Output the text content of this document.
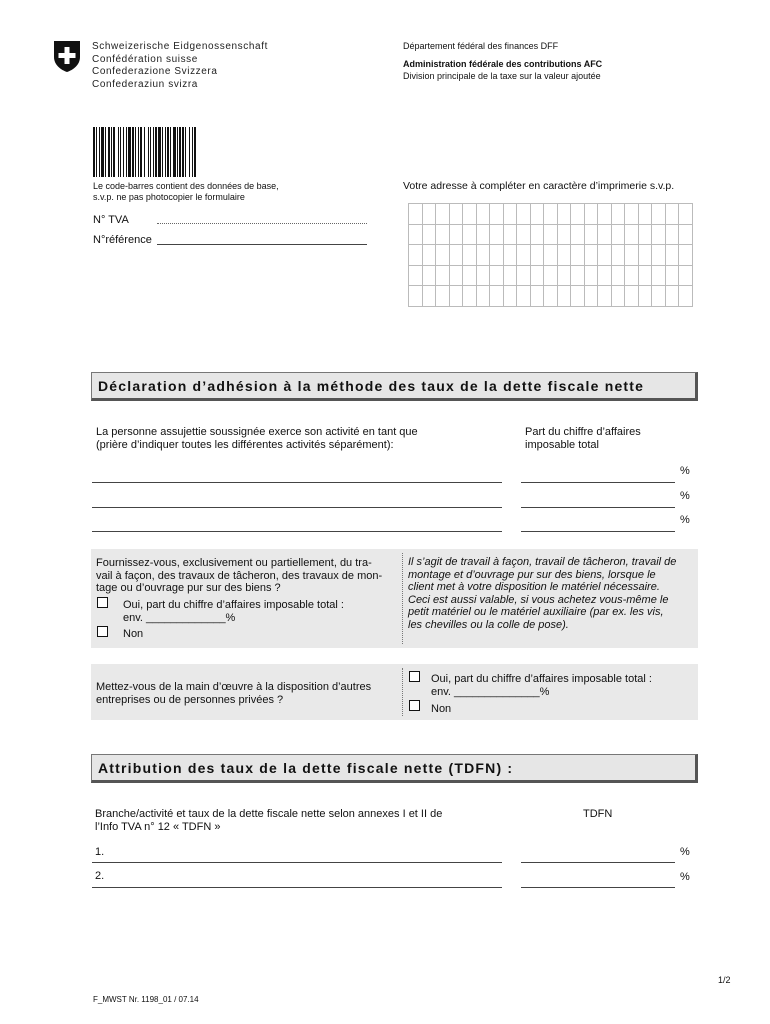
Schweizerische Eidgenossenschaft
Confédération suisse
Confederazione Svizzera
Confederaziun svizra
Département fédéral des finances DFF
Administration fédérale des contributions AFC
Division principale de la taxe sur la valeur ajoutée
Le code-barres contient des données de base,
s.v.p. ne pas photocopier le formulaire
Votre adresse à compléter en caractère d’imprimerie s.v.p.

N° TVA
N°référence
Déclaration d’adhésion à la méthode des taux de la dette fiscale nette
La personne assujettie soussignée exerce son activité en tant que
(prière d’indiquer toutes les différentes activités séparément):
Part du chiffre d’affaires
imposable total
%
%
%
Fournissez-vous, exclusivement ou partiellement, du tra-
vail à façon, des travaux de tâcheron, des travaux de mon-
tage ou d’ouvrage pur sur des biens ?
Oui, part du chiffre d’affaires imposable total :
env. _____________%
Non
Il s’agit de travail à façon, travail de tâcheron, travail de
montage et d’ouvrage pur sur des biens, lorsque le
client met à votre disposition le matériel nécessaire.
Ceci est aussi valable, si vous achetez vous-même le
petit matériel ou le matériel auxiliaire (par ex. les vis,
les chevilles ou la colle de pose).
Mettez-vous de la main d’œuvre à la disposition d’autres
entreprises ou de personnes privées ?
Oui, part du chiffre d’affaires imposable total :
env. ______________%
Non
Attribution des taux de la dette fiscale nette (TDFN) :
Branche/activité et taux de la dette fiscale nette selon annexes I et II de
l’Info TVA n° 12 « TDFN »
TDFN
1.	%
2.	%
1/2
F_MWST Nr. 1198_01 / 07.14
